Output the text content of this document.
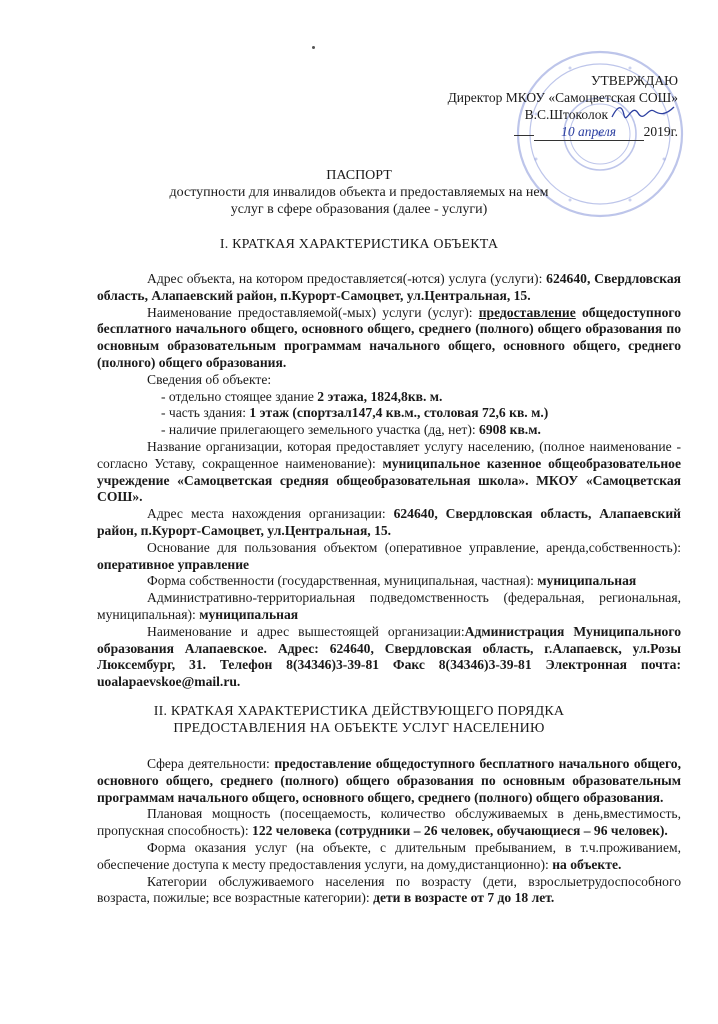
УТВЕРЖДАЮ
Директор МКОУ «Самоцветская СОШ»
В.С.Штоколок
10 апреля 2019г.
ПАСПОРТ
доступности для инвалидов объекта и предоставляемых на нем
услуг в сфере образования (далее - услуги)
I. КРАТКАЯ ХАРАКТЕРИСТИКА ОБЪЕКТА

Адрес объекта, на котором предоставляется(-ются) услуга (услуги): 624640, Свердловская область, Алапаевский район, п.Курорт-Самоцвет, ул.Центральная, 15.

Наименование предоставляемой(-мых) услуги (услуг): предоставление общедоступного бесплатного начального общего, основного общего, среднего (полного) общего образования по основным образовательным программам начального общего, основного общего, среднего (полного) общего образования.

Сведения об объекте:

- отдельно стоящее здание 2 этажа, 1824,8кв. м.

- часть здания: 1 этаж (спортзал147,4 кв.м., столовая 72,6 кв. м.)

- наличие прилегающего земельного участка (да, нет): 6908 кв.м.

Название организации, которая предоставляет услугу населению, (полное наименование - согласно Уставу, сокращенное наименование): муниципальное казенное общеобразовательное учреждение «Самоцветская средняя общеобразовательная школа». МКОУ «Самоцветская СОШ».

Адрес места нахождения организации: 624640, Свердловская область, Алапаевский район, п.Курорт-Самоцвет, ул.Центральная, 15.

Основание для пользования объектом (оперативное управление, аренда,собственность): оперативное управление

Форма собственности (государственная, муниципальная, частная): муниципальная

Административно-территориальная подведомственность (федеральная, региональная, муниципальная): муниципальная

Наименование и адрес вышестоящей организации:Администрация Муниципального образования Алапаевское. Адрес: 624640, Свердловская область, г.Алапаевск, ул.Розы Люксембург, 31. Телефон 8(34346)3-39-81 Факс 8(34346)3-39-81 Электронная почта: uoalapaevskoe@mail.ru.

II. КРАТКАЯ ХАРАКТЕРИСТИКА ДЕЙСТВУЮЩЕГО ПОРЯДКА
ПРЕДОСТАВЛЕНИЯ НА ОБЪЕКТЕ УСЛУГ НАСЕЛЕНИЮ

Сфера деятельности: предоставление общедоступного бесплатного начального общего, основного общего, среднего (полного) общего образования по основным образовательным программам начального общего, основного общего, среднего (полного) общего образования.

Плановая мощность (посещаемость, количество обслуживаемых в день,вместимость, пропускная способность): 122 человека (сотрудники – 26 человек, обучающиеся – 96 человек).

Форма оказания услуг (на объекте, с длительным пребыванием, в т.ч.проживанием, обеспечение доступа к месту предоставления услуги, на дому,дистанционно): на объекте.

Категории обслуживаемого населения по возрасту (дети, взрослыетрудоспособного возраста, пожилые; все возрастные категории): дети в возрасте от 7 до 18 лет.
